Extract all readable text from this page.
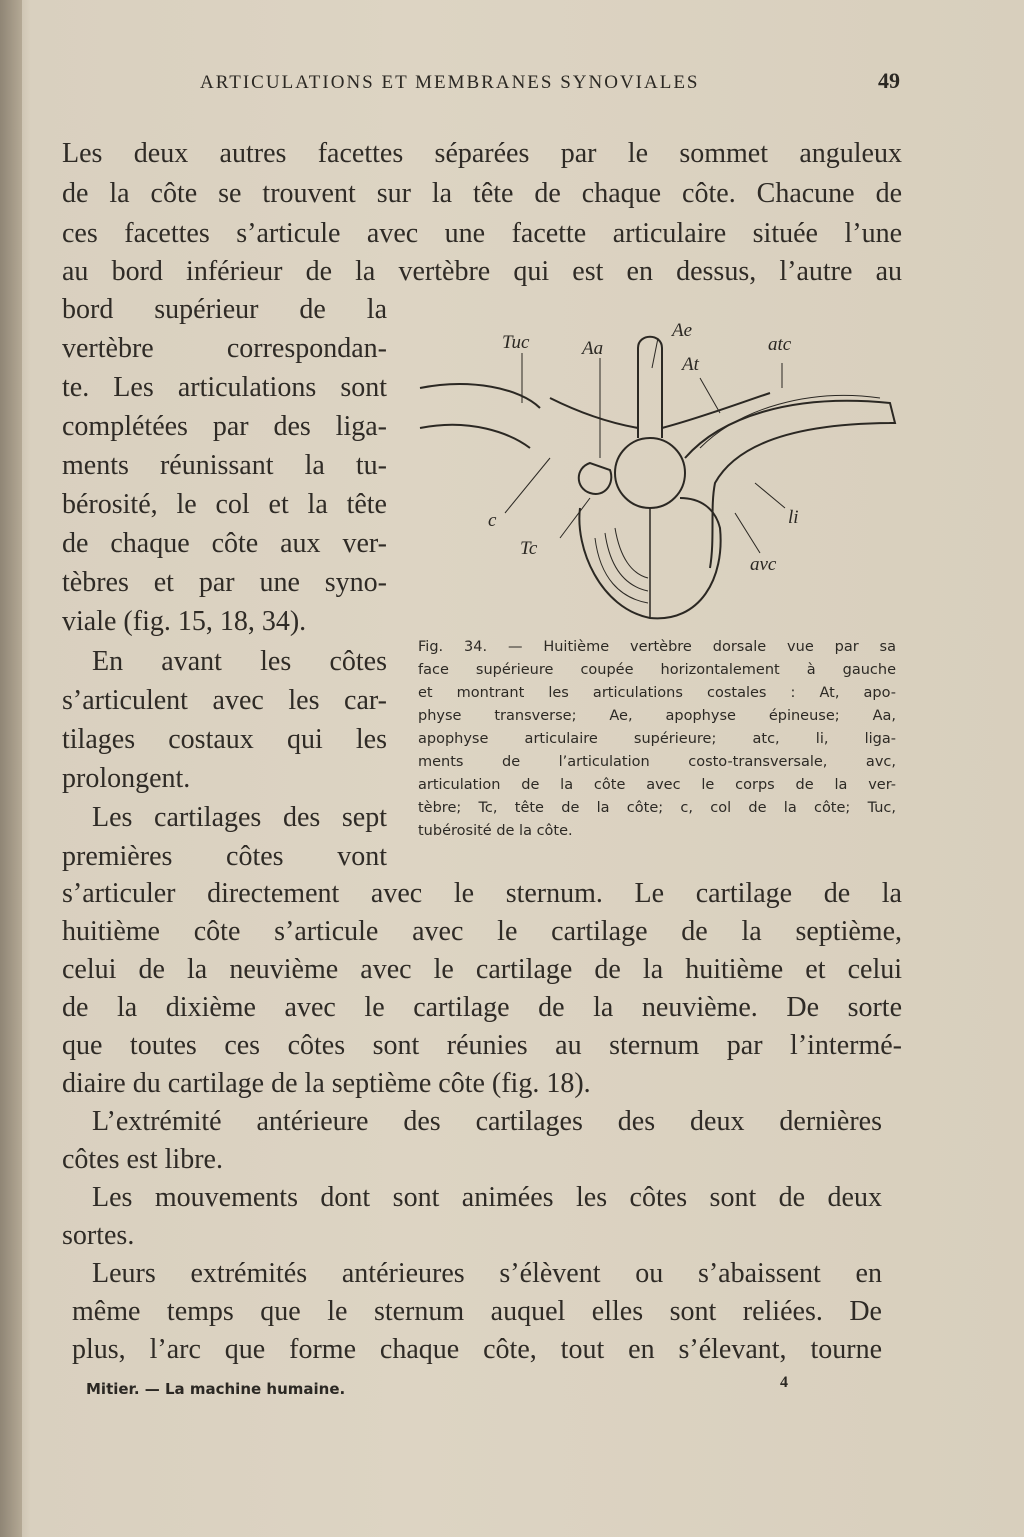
ARTICULATIONS ET MEMBRANES SYNOVIALES	49
Les deux autres facettes séparées par le sommet anguleux
de la côte se trouvent sur la tête de chaque côte. Chacune de
ces facettes s’articule avec une facette articulaire située l’une
au bord inférieur de la vertèbre qui est en dessus, l’autre au
bord supérieur de la
vertèbre correspondan-
te. Les articulations sont
complétées par des liga-
ments réunissant la tu-
bérosité, le col et la tête
de chaque côte aux ver-
tèbres et par une syno-
viale (fig. 15, 18, 34).
En avant les côtes
s’articulent avec les car-
tilages costaux qui les
prolongent.
Les cartilages des sept
premières côtes vont
s’articuler directement avec le sternum. Le cartilage de la
huitième côte s’articule avec le cartilage de la septième,
celui de la neuvième avec le cartilage de la huitième et celui
de la dixième avec le cartilage de la neuvième. De sorte
que toutes ces côtes sont réunies au sternum par l’intermé-
diaire du cartilage de la septième côte (fig. 18).
L’extrémité antérieure des cartilages des deux dernières
côtes est libre.
Les mouvements dont sont animées les côtes sont de deux
sortes.
Leurs extrémités antérieures s’élèvent ou s’abaissent en
même temps que le sternum auquel elles sont reliées. De
plus, l’arc que forme chaque côte, tout en s’élevant, tourne
Tuc	Aa
Ae
At
atc
c
Tc
li
avc
Fig. 34. — Huitième vertèbre dorsale vue par sa
face supérieure coupée horizontalement à gauche
et montrant les articulations costales : At, apo-
physe transverse; Ae, apophyse épineuse; Aa,
apophyse articulaire supérieure; atc, li, liga-
ments de l’articulation costo-transversale, avc,
articulation de la côte avec le corps de la ver-
tèbre; Tc, tête de la côte; c, col de la côte; Tuc,
tubérosité de la côte.
Mitier. — La machine humaine.	4
